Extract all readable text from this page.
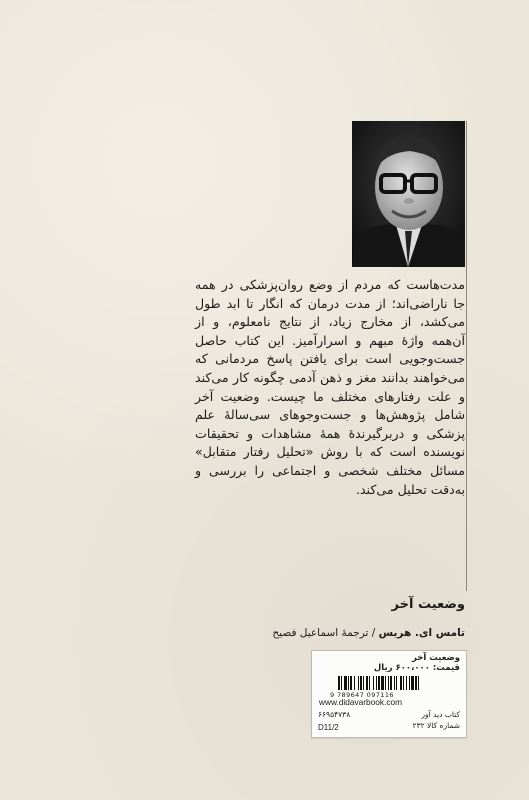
مدت‌هاست که مردم از وضع روان‌پزشکی در همه جا ناراضی‌اند؛ از مدت درمان که انگار تا ابد طول می‌کشد، از مخارج زیاد، از نتایج نامعلوم، و از آن‌همه واژهٔ مبهم و اسرارآمیز. این کتاب حاصل جست‌وجویی است برای یافتن پاسخ مردمانی که می‌خواهند بدانند مغز و ذهن آدمی چگونه کار می‌کند و علت رفتارهای مختلف ما چیست. وضعیت آخر شامل پژوهش‌ها و جست‌وجوهای سی‌سالهٔ علم پزشکی و دربرگیرندهٔ همهٔ مشاهدات و تحقیقات نویسنده است که با روش «تحلیل رفتار متقابل» مسائل مختلف شخصی و اجتماعی را بررسی و به‌دقت تحلیل می‌کند.

وضعیت آخر
تامس ای. هریس / ترجمهٔ اسماعیل فصیح
وضعیت آخر
قیمت: ۶۰۰،۰۰۰ ریال
9 789647 097116
www.didavarbook.com
کتاب دید آور
۶۶۹۵۴۷۳۸
شماره کالا ۲۳۲
D11/2
